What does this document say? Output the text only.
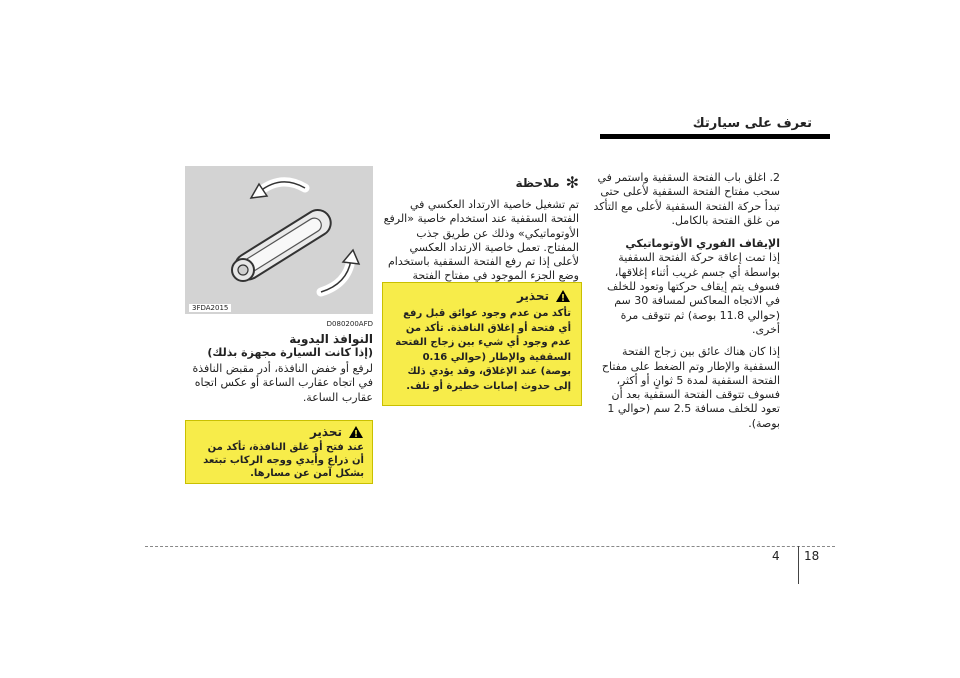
تعرف على سيارتك
2. اغلق باب الفتحة السقفية واستمر في سحب مفتاح الفتحة السقفية لأعلى حتى تبدأ حركة الفتحة السقفية لأعلى مع التأكد من غلق الفتحة بالكامل.
الإيقاف الفوري الأوتوماتيكي
إذا تمت إعاقة حركة الفتحة السقفية بواسطة أي جسم غريب أثناء إغلاقها، فسوف يتم إيقاف حركتها وتعود للخلف في الاتجاه المعاكس لمسافة 30 سم (حوالي 11.8 بوصة) ثم تتوقف مرة أخرى.
إذا كان هناك عائق بين زجاج الفتحة السقفية والإطار وتم الضغط على مفتاح الفتحة السقفية لمدة 5 ثوانٍ أو أكثر، فسوف تتوقف الفتحة السقفية بعد أن تعود للخلف مسافة 2.5 سم (حوالي 1 بوصة).
✻
ملاحظة
تم تشغيل خاصية الارتداد العكسي في الفتحة السقفية عند استخدام خاصية «الرفع الأوتوماتيكي» وذلك عن طريق جذب المفتاح. تعمل خاصية الارتداد العكسي لأعلى إذا تم رفع الفتحة السقفية باستخدام وضع الجزء الموجود في مفتاح الفتحة
تحذير
تأكد من عدم وجود عوائق قبل رفع أي فتحة أو إغلاق النافذة. تأكد من عدم وجود أي شيء بين زجاج الفتحة السقفية والإطار (حوالي 0.16 بوصة) عند الإغلاق، وقد يؤدي ذلك إلى حدوث إصابات خطيرة أو تلف.
3FDA2015
D080200AFD
النوافذ اليدوية
(إذا كانت السيارة مجهزة بذلك)
لرفع أو خفض النافذة، أدر مقبض النافذة في اتجاه عقارب الساعة أو عكس اتجاه عقارب الساعة.
تحذير
عند فتح أو غلق النافذة، تأكد من أن ذراع وأيدي ووجه الركاب تبتعد بشكل آمن عن مسارها.
4 18
